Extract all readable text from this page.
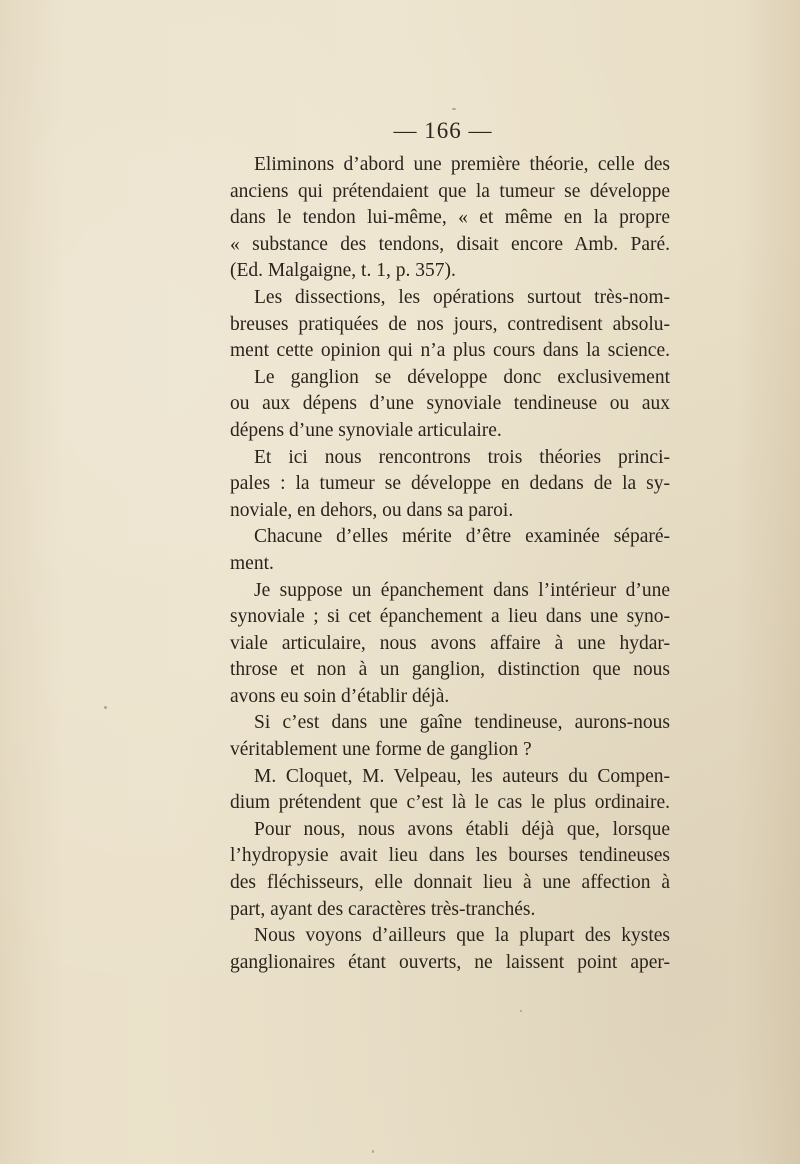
— 166 —
Eliminons d’abord une première théorie, celle des
anciens qui prétendaient que la tumeur se développe
dans le tendon lui-même, « et même en la propre
« substance des tendons, disait encore Amb. Paré.
(Ed. Malgaigne, t. 1, p. 357).
Les dissections, les opérations surtout très-nom-
breuses pratiquées de nos jours, contredisent absolu-
ment cette opinion qui n’a plus cours dans la science.
Le ganglion se développe donc exclusivement
ou aux dépens d’une synoviale tendineuse ou aux
dépens d’une synoviale articulaire.
Et ici nous rencontrons trois théories princi-
pales : la tumeur se développe en dedans de la sy-
noviale, en dehors, ou dans sa paroi.
Chacune d’elles mérite d’être examinée séparé-
ment.
Je suppose un épanchement dans l’intérieur d’une
synoviale ; si cet épanchement a lieu dans une syno-
viale articulaire, nous avons affaire à une hydar-
throse et non à un ganglion, distinction que nous
avons eu soin d’établir déjà.
Si c’est dans une gaîne tendineuse, aurons-nous
véritablement une forme de ganglion ?
M. Cloquet, M. Velpeau, les auteurs du Compen-
dium prétendent que c’est là le cas le plus ordinaire.
Pour nous, nous avons établi déjà que, lorsque
l’hydropysie avait lieu dans les bourses tendineuses
des fléchisseurs, elle donnait lieu à une affection à
part, ayant des caractères très-tranchés.
Nous voyons d’ailleurs que la plupart des kystes
ganglionaires étant ouverts, ne laissent point aper-
